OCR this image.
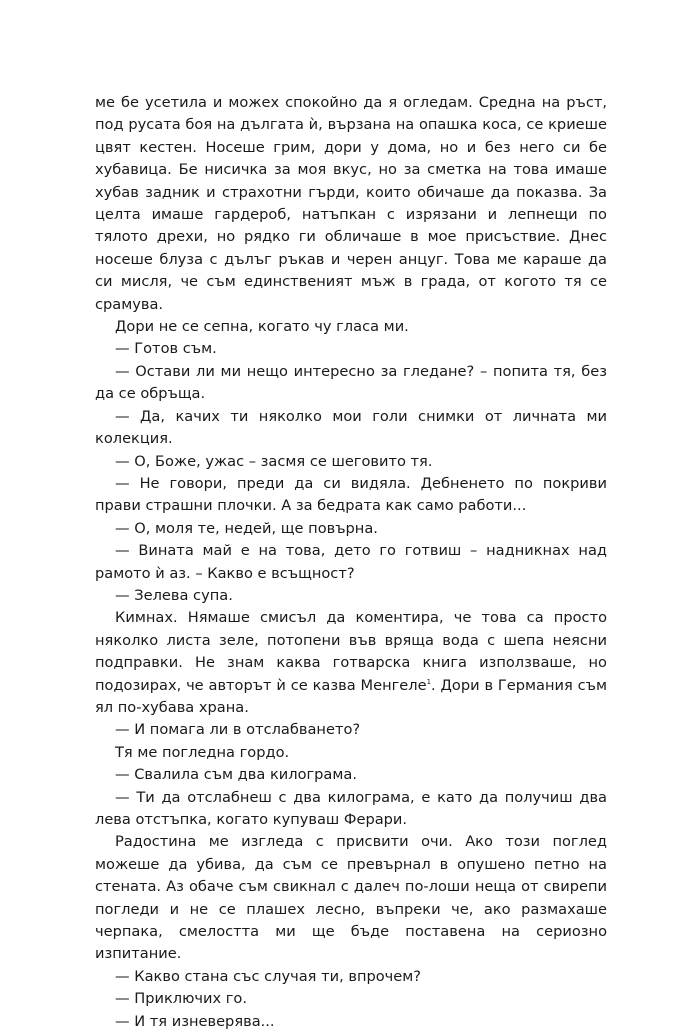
ме бе усетила и можех спокойно да я огледам. Средна на ръст, под русата боя на дългата ѝ, вързана на опашка коса, се криеше цвят кестен. Носеше грим, дори у дома, но и без него си бе хубавица. Бе нисичка за моя вкус, но за сметка на това имаше хубав задник и страхотни гърди, които обичаше да показва. За целта имаше гардероб, натъпкан с изрязани и лепнещи по тялото дрехи, но рядко ги обличаше в мое присъствие. Днес носеше блуза с дълъг ръкав и черен анцуг. Това ме караше да си мисля, че съм единственият мъж в града, от когото тя се срамува.

Дори не се сепна, когато чу гласа ми.

— Готов съм.

— Остави ли ми нещо интересно за гледане? – попита тя, без да се обръща.

— Да, качих ти няколко мои голи снимки от личната ми колекция.

— О, Боже, ужас – засмя се шеговито тя.

— Не говори, преди да си видяла. Дебненето по покриви прави страшни плочки. А за бедрата как само работи...

— О, моля те, недей, ще повърна.

— Вината май е на това, дето го готвиш – надникнах над рамото ѝ аз. – Какво е всъщност?

— Зелева супа.

Кимнах. Нямаше смисъл да коментира, че това са просто няколко листа зеле, потопени във вряща вода с шепа неясни подправки. Не знам каква готварска книга използваше, но подозирах, че авторът ѝ се казва Менгеле$^1$. Дори в Германия съм ял по-хубава храна.

— И помага ли в отслабването?

Тя ме погледна гордо.

— Свалила съм два килограма.

— Ти да отслабнеш с два килограма, е като да получиш два лева отстъпка, когато купуваш Ферари.

Радостина ме изгледа с присвити очи. Ако този поглед можеше да убива, да съм се превърнал в опушено петно на стената. Аз обаче съм свикнал с далеч по-лоши неща от свирепи погледи и не се плашех лесно, въпреки че, ако размахаше черпака, смелостта ми ще бъде поставена на сериозно изпитание.

— Какво стана със случая ти, впрочем?

— Приключих го.

— И тя изневерява...
